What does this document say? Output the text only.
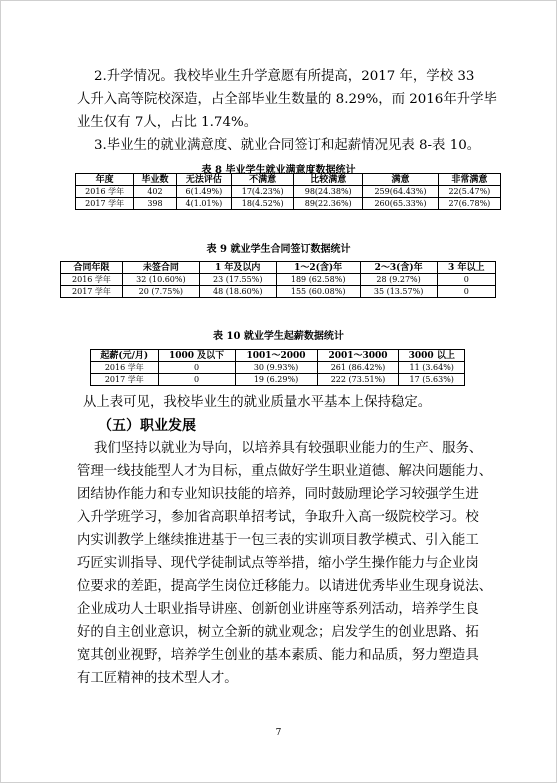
2.升学情况。我校毕业生升学意愿有所提高，2017 年，学校 33
人升入高等院校深造，占全部毕业生数量的 8.29%，而 2016年升学毕
业生仅有 7人，占比 1.74%。
3.毕业生的就业满意度、就业合同签订和起薪情况见表 8-表 10。
表 8 毕业学生就业满意度数据统计
年度	毕业数	无法评估	不满意	比较满意	满意	非常满意
2016 学年	402	6(1.49%)	17(4.23%)	98(24.38%)	259(64.43%)	22(5.47%)
2017 学年	398	4(1.01%)	18(4.52%)	89(22.36%)	260(65.33%)	27(6.78%)
表 9 就业学生合同签订数据统计
合同年限	未签合同	1 年及以内	1～2(含)年	2～3(含)年	3 年以上
2016 学年	32 (10.60%)	23 (17.55%)	189 (62.58%)	28 (9.27%)	0
2017 学年	20 (7.75%)	48 (18.60%)	155 (60.08%)	35 (13.57%)	0
表 10 就业学生起薪数据统计
起薪(元/月)	1000 及以下	1001～2000	2001～3000	3000 以上
2016 学年	0	30 (9.93%)	261 (86.42%)	11 (3.64%)
2017 学年	0	19 (6.29%)	222 (73.51%)	17 (5.63%)
从上表可见，我校毕业生的就业质量水平基本上保持稳定。
（五）职业发展
我们坚持以就业为导向，以培养具有较强职业能力的生产、服务、
管理一线技能型人才为目标，重点做好学生职业道德、解决问题能力、
团结协作能力和专业知识技能的培养，同时鼓励理论学习较强学生进
入升学班学习，参加省高职单招考试，争取升入高一级院校学习。校
内实训教学上继续推进基于一包三表的实训项目教学模式、引入能工
巧匠实训指导、现代学徒制试点等举措，缩小学生操作能力与企业岗
位要求的差距，提高学生岗位迁移能力。以请进优秀毕业生现身说法、
企业成功人士职业指导讲座、创新创业讲座等系列活动，培养学生良
好的自主创业意识，树立全新的就业观念；启发学生的创业思路、拓
宽其创业视野，培养学生创业的基本素质、能力和品质，努力塑造具
有工匠精神的技术型人才。
7
